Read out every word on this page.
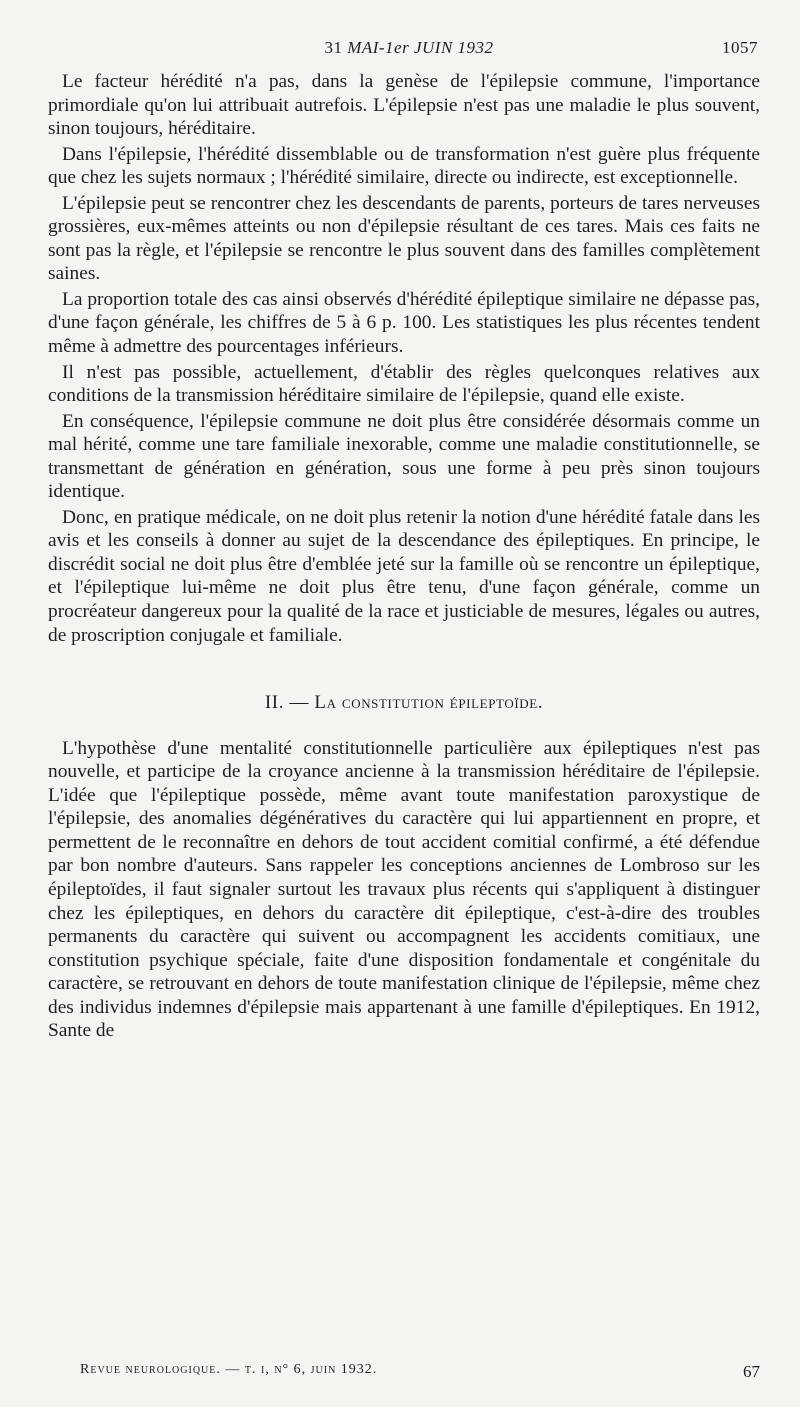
31 MAI-1er JUIN 1932	1057

Le facteur hérédité n'a pas, dans la genèse de l'épilepsie commune, l'importance primordiale qu'on lui attribuait autrefois. L'épilepsie n'est pas une maladie le plus souvent, sinon toujours, héréditaire.

Dans l'épilepsie, l'hérédité dissemblable ou de transformation n'est guère plus fréquente que chez les sujets normaux ; l'hérédité similaire, directe ou indirecte, est exceptionnelle.

L'épilepsie peut se rencontrer chez les descendants de parents, porteurs de tares nerveuses grossières, eux-mêmes atteints ou non d'épilepsie résultant de ces tares. Mais ces faits ne sont pas la règle, et l'épilepsie se rencontre le plus souvent dans des familles complètement saines.

La proportion totale des cas ainsi observés d'hérédité épileptique similaire ne dépasse pas, d'une façon générale, les chiffres de 5 à 6 p. 100. Les statistiques les plus récentes tendent même à admettre des pourcentages inférieurs.

Il n'est pas possible, actuellement, d'établir des règles quelconques relatives aux conditions de la transmission héréditaire similaire de l'épilepsie, quand elle existe.

En conséquence, l'épilepsie commune ne doit plus être considérée désormais comme un mal hérité, comme une tare familiale inexorable, comme une maladie constitutionnelle, se transmettant de génération en génération, sous une forme à peu près sinon toujours identique.

Donc, en pratique médicale, on ne doit plus retenir la notion d'une hérédité fatale dans les avis et les conseils à donner au sujet de la descendance des épileptiques. En principe, le discrédit social ne doit plus être d'emblée jeté sur la famille où se rencontre un épileptique, et l'épileptique lui-même ne doit plus être tenu, d'une façon générale, comme un procréateur dangereux pour la qualité de la race et justiciable de mesures, légales ou autres, de proscription conjugale et familiale.

II. — La constitution épileptoïde.

L'hypothèse d'une mentalité constitutionnelle particulière aux épileptiques n'est pas nouvelle, et participe de la croyance ancienne à la transmission héréditaire de l'épilepsie. L'idée que l'épileptique possède, même avant toute manifestation paroxystique de l'épilepsie, des anomalies dégénératives du caractère qui lui appartiennent en propre, et permettent de le reconnaître en dehors de tout accident comitial confirmé, a été défendue par bon nombre d'auteurs. Sans rappeler les conceptions anciennes de Lombroso sur les épileptoïdes, il faut signaler surtout les travaux plus récents qui s'appliquent à distinguer chez les épileptiques, en dehors du caractère dit épileptique, c'est-à-dire des troubles permanents du caractère qui suivent ou accompagnent les accidents comitiaux, une constitution psychique spéciale, faite d'une disposition fondamentale et congénitale du caractère, se retrouvant en dehors de toute manifestation clinique de l'épilepsie, même chez des individus indemnes d'épilepsie mais appartenant à une famille d'épileptiques. En 1912, Sante de

Revue neurologique. — t. i, n° 6, juin 1932.	67
